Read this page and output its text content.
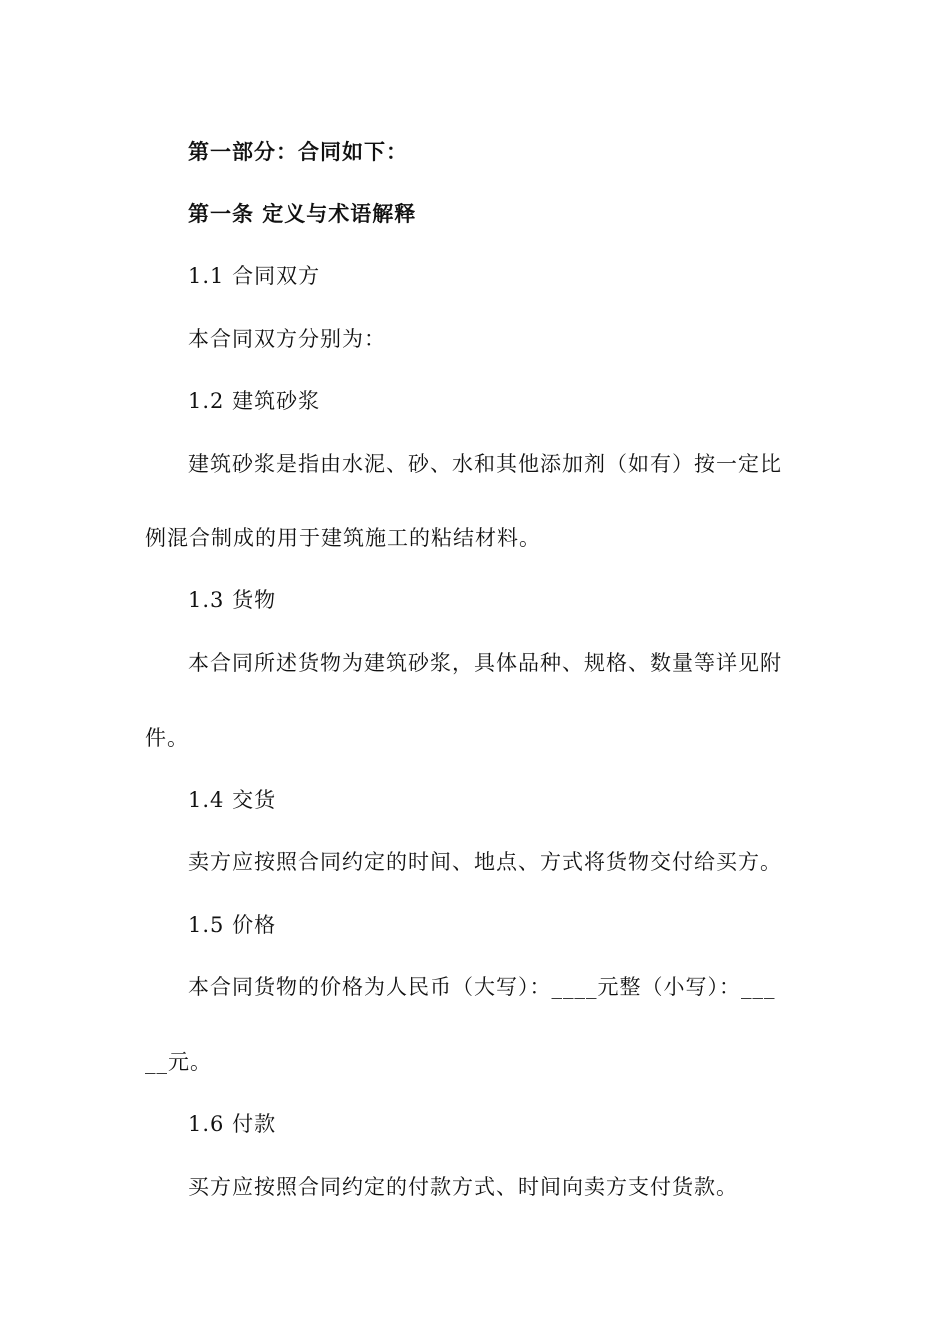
第一部分：合同如下：
第一条 定义与术语解释
1.1 合同双方
本合同双方分别为：
1.2 建筑砂浆
建筑砂浆是指由水泥、砂、水和其他添加剂（如有）按一定比
例混合制成的用于建筑施工的粘结材料。
1.3 货物
本合同所述货物为建筑砂浆，具体品种、规格、数量等详见附
件。
1.4 交货
卖方应按照合同约定的时间、地点、方式将货物交付给买方。
1.5 价格
本合同货物的价格为人民币（大写）：____元整（小写）：___
__元。
1.6 付款
买方应按照合同约定的付款方式、时间向卖方支付货款。
